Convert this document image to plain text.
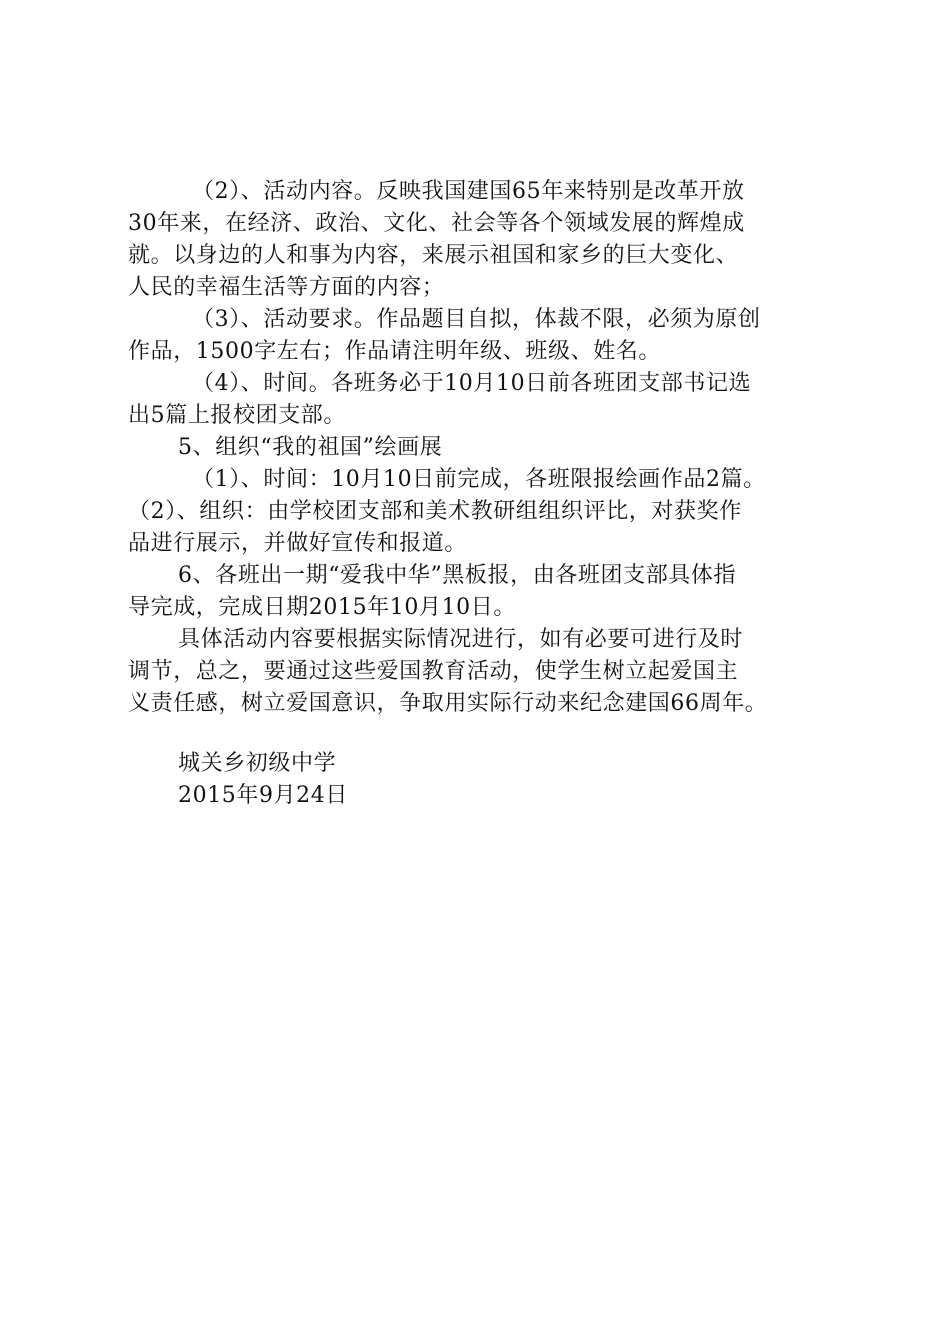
（2）、活动内容。反映我国建国65年来特别是改革开放
30年来，在经济、政治、文化、社会等各个领域发展的辉煌成
就。以身边的人和事为内容，来展示祖国和家乡的巨大变化、
人民的幸福生活等方面的内容；
（3）、活动要求。作品题目自拟，体裁不限，必须为原创
作品，1500字左右；作品请注明年级、班级、姓名。
（4）、时间。各班务必于10月10日前各班团支部书记选
出5篇上报校团支部。
5、组织“我的祖国”绘画展
（1）、时间：10月10日前完成，各班限报绘画作品2篇。
（2）、组织：由学校团支部和美术教研组组织评比，对获奖作
品进行展示，并做好宣传和报道。
6、各班出一期“爱我中华”黑板报，由各班团支部具体指
导完成，完成日期2015年10月10日。
具体活动内容要根据实际情况进行，如有必要可进行及时
调节，总之，要通过这些爱国教育活动，使学生树立起爱国主
义责任感，树立爱国意识，争取用实际行动来纪念建国66周年。
城关乡初级中学
2015年9月24日
